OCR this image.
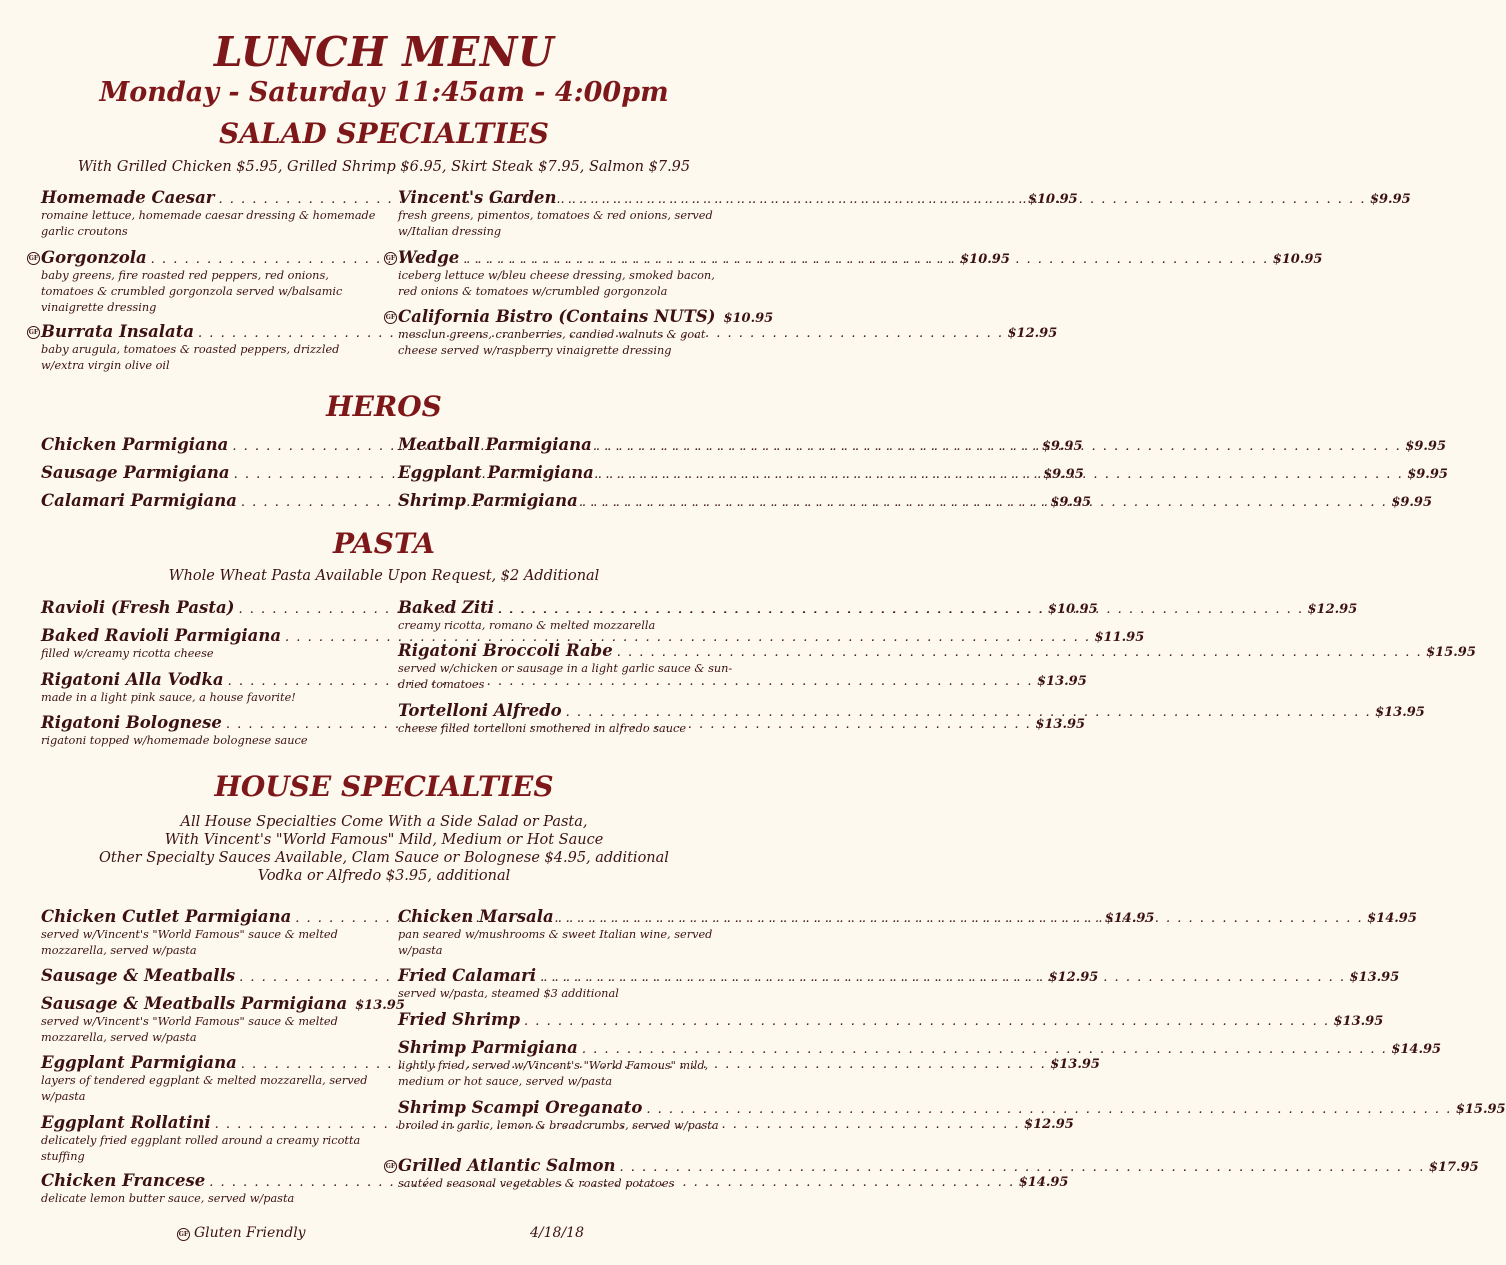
LUNCH MENU
Monday - Saturday 11:45am - 4:00pm
SALAD SPECIALTIES
With Grilled Chicken $5.95, Grilled Shrimp $6.95, Skirt Steak $7.95, Salmon $7.95
Homemade Caesar . . .	$10.95
romaine lettuce, homemade caesar dressing & homemade garlic croutons
GF Gorgonzola . . .	$10.95
baby greens, fire roasted red peppers, red onions, tomatoes & crumbled gorgonzola served w/balsamic vinaigrette dressing
GF Burrata Insalata . . .	$12.95
baby arugula, tomatoes & roasted peppers, drizzled w/extra virgin olive oil
Vincent's Garden . . .	$9.95
fresh greens, pimentos, tomatoes & red onions, served w/Italian dressing
GF Wedge . . .	$10.95
iceberg lettuce w/bleu cheese dressing, smoked bacon, red onions & tomatoes w/crumbled gorgonzola
GF California Bistro (Contains NUTS) $10.95
mesclun greens, cranberries, candied walnuts & goat cheese served w/raspberry vinaigrette dressing
HEROS
Chicken Parmigiana . . .	$9.95
Sausage Parmigiana . . .	$9.95
Calamari Parmigiana . . .	$9.95
Meatball Parmigiana . . .	$9.95
Eggplant Parmigiana . . .	$9.95
Shrimp Parmigiana . . .	$9.95
PASTA
Whole Wheat Pasta Available Upon Request, $2 Additional
Ravioli (Fresh Pasta) . . .	$10.95
Baked Ravioli Parmigiana . . .	$11.95
filled w/creamy ricotta cheese
Rigatoni Alla Vodka . . .	$13.95
made in a light pink sauce, a house favorite!
Rigatoni Bolognese . . .	$13.95
rigatoni topped w/homemade bolognese sauce
Baked Ziti . . .	$12.95
creamy ricotta, romano & melted mozzarella
Rigatoni Broccoli Rabe . . .	$15.95
served w/chicken or sausage in a light garlic sauce & sun-dried tomatoes
Tortelloni Alfredo . . .	$13.95
cheese filled tortelloni smothered in alfredo sauce
HOUSE SPECIALTIES
All House Specialties Come With a Side Salad or Pasta,
With Vincent's "World Famous" Mild, Medium or Hot Sauce
Other Specialty Sauces Available, Clam Sauce or Bolognese $4.95, additional
Vodka or Alfredo $3.95, additional
Chicken Cutlet Parmigiana . . .	$14.95
served w/Vincent's "World Famous" sauce & melted mozzarella, served w/pasta
Sausage & Meatballs . . .	$12.95
Sausage & Meatballs Parmigiana $13.95
served w/Vincent's "World Famous" sauce & melted mozzarella, served w/pasta
Eggplant Parmigiana . . .	$13.95
layers of tendered eggplant & melted mozzarella, served w/pasta
Eggplant Rollatini . . .	$12.95
delicately fried eggplant rolled around a creamy ricotta stuffing
Chicken Francese . . .	$14.95
delicate lemon butter sauce, served w/pasta
Chicken Marsala . . .	$14.95
pan seared w/mushrooms & sweet Italian wine, served w/pasta
Fried Calamari . . .	$13.95
served w/pasta, steamed $3 additional
Fried Shrimp . . .	$13.95
Shrimp Parmigiana . . .	$14.95
lightly fried, served w/Vincent's "World Famous" mild, medium or hot sauce, served w/pasta
Shrimp Scampi Oreganato . . .	$15.95
broiled in garlic, lemon & breadcrumbs, served w/pasta
GF Grilled Atlantic Salmon . . .	$17.95
sautéed seasonal vegetables & roasted potatoes
GF Gluten Friendly	4/18/18
